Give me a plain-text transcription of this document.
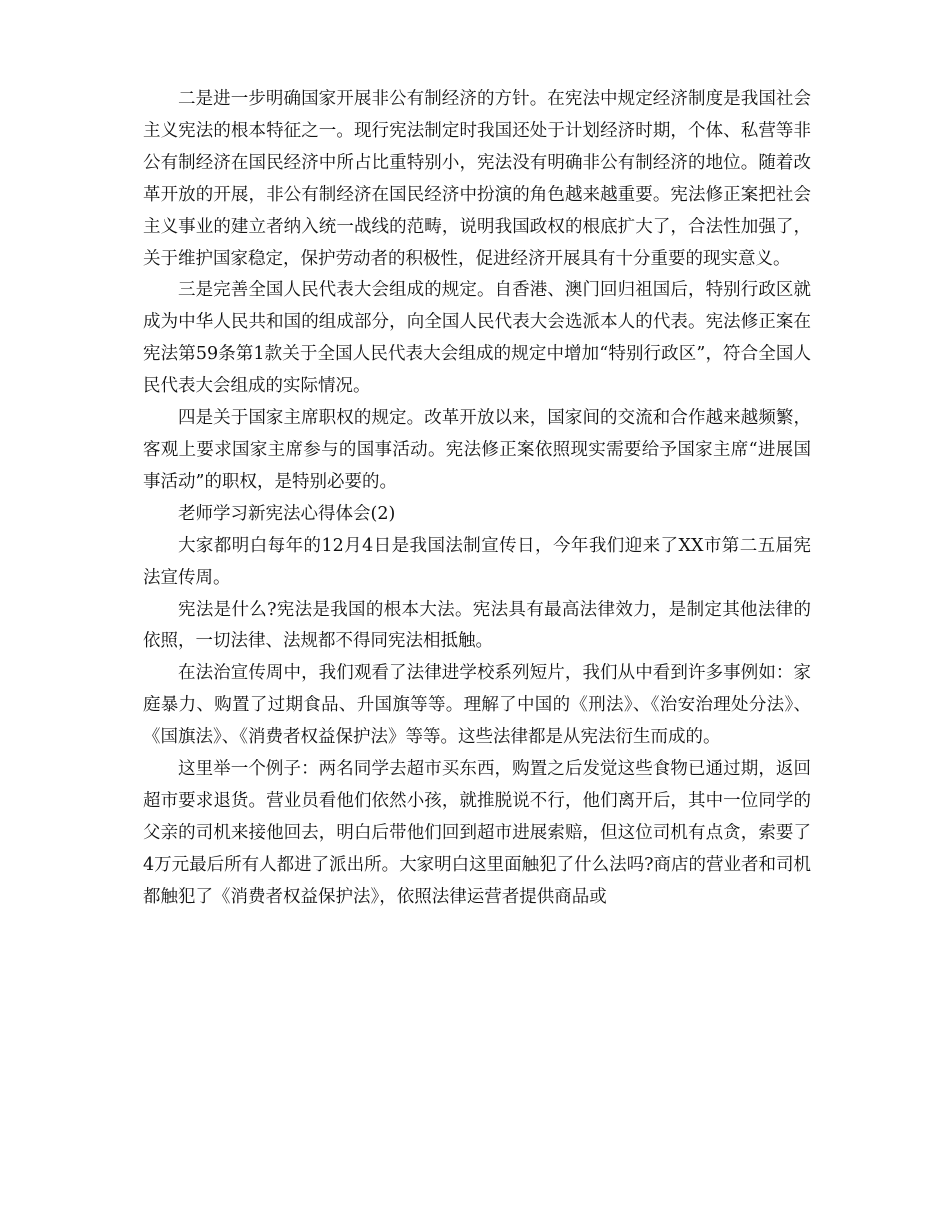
二是进一步明确国家开展非公有制经济的方针。在宪法中规定经济制度是我国社会主义宪法的根本特征之一。现行宪法制定时我国还处于计划经济时期，个体、私营等非公有制经济在国民经济中所占比重特别小，宪法没有明确非公有制经济的地位。随着改革开放的开展，非公有制经济在国民经济中扮演的角色越来越重要。宪法修正案把社会主义事业的建立者纳入统一战线的范畴，说明我国政权的根底扩大了，合法性加强了，关于维护国家稳定，保护劳动者的积极性，促进经济开展具有十分重要的现实意义。

三是完善全国人民代表大会组成的规定。自香港、澳门回归祖国后，特别行政区就成为中华人民共和国的组成部分，向全国人民代表大会选派本人的代表。宪法修正案在宪法第59条第1款关于全国人民代表大会组成的规定中增加“特别行政区”，符合全国人民代表大会组成的实际情况。

四是关于国家主席职权的规定。改革开放以来，国家间的交流和合作越来越频繁，客观上要求国家主席参与的国事活动。宪法修正案依照现实需要给予国家主席“进展国事活动”的职权，是特别必要的。

老师学习新宪法心得体会(2)

大家都明白每年的12月4日是我国法制宣传日，今年我们迎来了XX市第二五届宪法宣传周。

宪法是什么?宪法是我国的根本大法。宪法具有最高法律效力，是制定其他法律的依照，一切法律、法规都不得同宪法相抵触。

在法治宣传周中，我们观看了法律进学校系列短片，我们从中看到许多事例如：家庭暴力、购置了过期食品、升国旗等等。理解了中国的《刑法》、《治安治理处分法》、《国旗法》、《消费者权益保护法》等等。这些法律都是从宪法衍生而成的。

这里举一个例子：两名同学去超市买东西，购置之后发觉这些食物已通过期，返回超市要求退货。营业员看他们依然小孩，就推脱说不行，他们离开后，其中一位同学的父亲的司机来接他回去，明白后带他们回到超市进展索赔，但这位司机有点贪，索要了4万元最后所有人都进了派出所。大家明白这里面触犯了什么法吗?商店的营业者和司机都触犯了《消费者权益保护法》，依照法律运营者提供商品或
